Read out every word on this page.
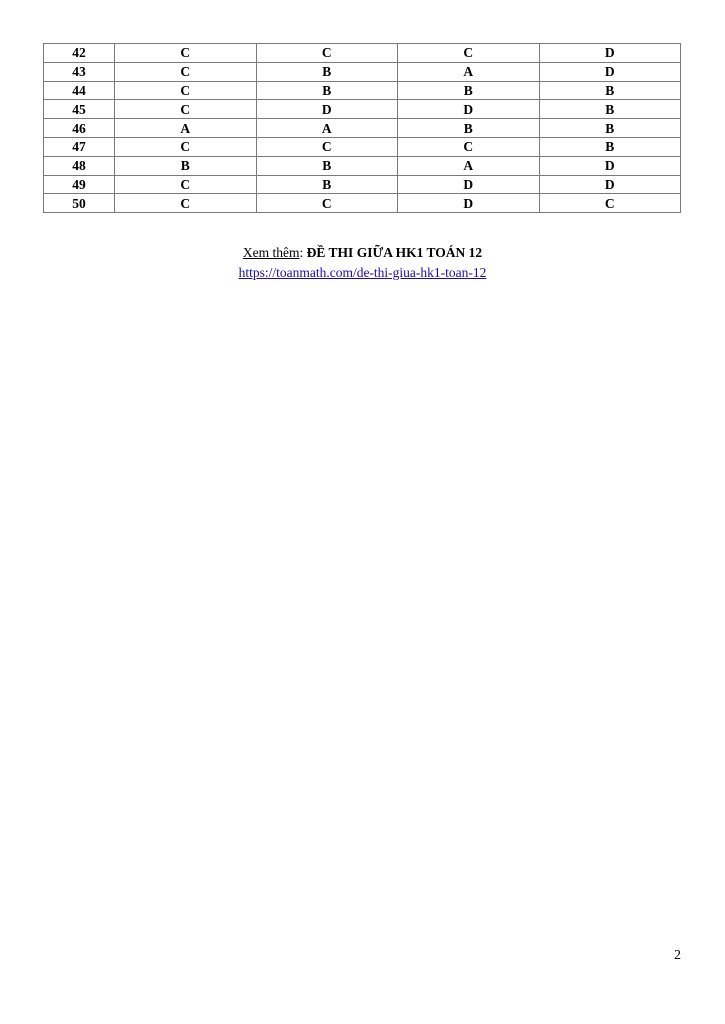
42	C	C	C	D
43	C	B	A	D
44	C	B	B	B
45	C	D	D	B
46	A	A	B	B
47	C	C	C	B
48	B	B	A	D
49	C	B	D	D
50	C	C	D	C
Xem thêm: ĐỀ THI GIỮA HK1 TOÁN 12
https://toanmath.com/de-thi-giua-hk1-toan-12
2
